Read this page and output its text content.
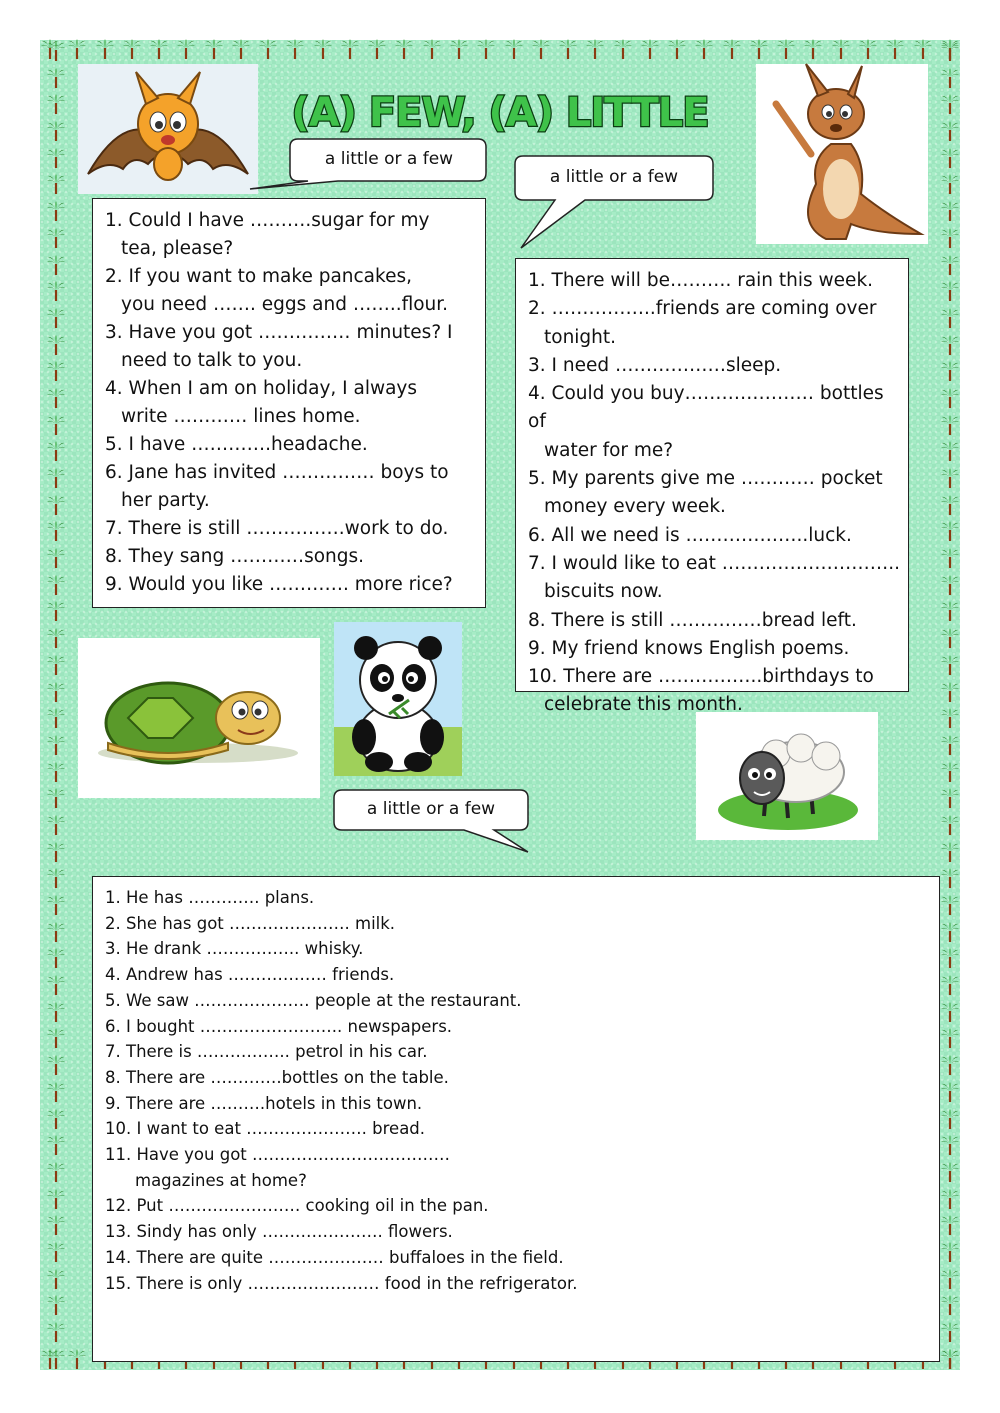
(A) FEW, (A) LITTLE
a little or a few
a little or a few
a little or a few
1. Could I have ……….sugar for my
tea, please?
2. If you want to make pancakes,
you need ……. eggs and ……..flour.
3. Have you got …………… minutes? I
need to talk to you.
4. When I am on holiday, I always
write ………… lines home.
5. I have ………….headache.
6. Jane has invited …………… boys to
her party.
7. There is still …………….work to do.
8. They sang …………songs.
9. Would you like …………. more rice?
1. There will be………. rain this week.
2. ……………..friends are coming over
tonight.
3. I need ………………sleep.
4. Could you buy………………… bottles of
water for me?
5. My parents give me ………… pocket
money every week.
6. All we need is ………………..luck.
7. I would like to eat ………………………..
biscuits now.
8. There is still ……………bread left.
9. My friend knows English poems.
10. There are ……………..birthdays to
celebrate this month.
1. He has …………. plans.
2. She has got …………………. milk.
3. He drank …………….. whisky.
4. Andrew has ……………… friends.
5. We saw ………………… people at the restaurant.
6. I bought …………………….. newspapers.
7. There is …………….. petrol in his car.
8. There are ………….bottles on the table.
9. There are ……….hotels in this town.
10. I want to eat …………………. bread.
11. Have you got ………………………………
magazines at home?
12. Put …………………… cooking oil in the pan.
13. Sindy has only …………………. flowers.
14. There are quite ………………… buffaloes in the field.
15. There is only …………………… food in the refrigerator.
